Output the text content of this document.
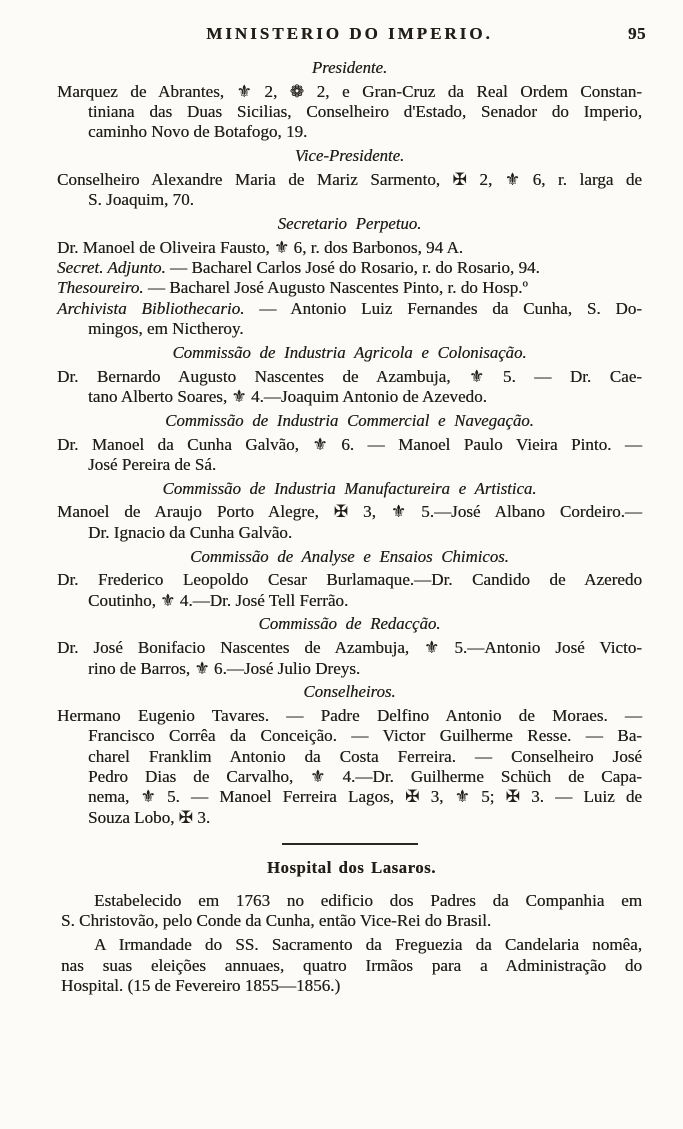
MINISTERIO DO IMPERIO.	95
Presidente.
Marquez de Abrantes, ⚜ 2, ❁ 2, e Gran-Cruz da Real Ordem Constan-
tiniana das Duas Sicilias, Conselheiro d'Estado, Senador do Imperio,
caminho Novo de Botafogo, 19.
Vice-Presidente.
Conselheiro Alexandre Maria de Mariz Sarmento, ✠ 2, ⚜ 6, r. larga de
S. Joaquim, 70.
Secretario Perpetuo.
Dr. Manoel de Oliveira Fausto, ⚜ 6, r. dos Barbonos, 94 A.
Secret. Adjunto. — Bacharel Carlos José do Rosario, r. do Rosario, 94.
Thesoureiro. — Bacharel José Augusto Nascentes Pinto, r. do Hosp.º
Archivista Bibliothecario. — Antonio Luiz Fernandes da Cunha, S. Do-
mingos, em Nictheroy.
Commissão de Industria Agricola e Colonisação.
Dr. Bernardo Augusto Nascentes de Azambuja, ⚜ 5. — Dr. Cae-
tano Alberto Soares, ⚜ 4.—Joaquim Antonio de Azevedo.
Commissão de Industria Commercial e Navegação.
Dr. Manoel da Cunha Galvão, ⚜ 6. — Manoel Paulo Vieira Pinto. —
José Pereira de Sá.
Commissão de Industria Manufactureira e Artistica.
Manoel de Araujo Porto Alegre, ✠ 3, ⚜ 5.—José Albano Cordeiro.—
Dr. Ignacio da Cunha Galvão.
Commissão de Analyse e Ensaios Chimicos.
Dr. Frederico Leopoldo Cesar Burlamaque.—Dr. Candido de Azeredo
Coutinho, ⚜ 4.—Dr. José Tell Ferrão.
Commissão de Redacção.
Dr. José Bonifacio Nascentes de Azambuja, ⚜ 5.—Antonio José Victo-
rino de Barros, ⚜ 6.—José Julio Dreys.
Conselheiros.
Hermano Eugenio Tavares. — Padre Delfino Antonio de Moraes. —
Francisco Corrêa da Conceição. — Victor Guilherme Resse. — Ba-
charel Franklim Antonio da Costa Ferreira. — Conselheiro José
Pedro Dias de Carvalho, ⚜ 4.—Dr. Guilherme Schüch de Capa-
nema, ⚜ 5. — Manoel Ferreira Lagos, ✠ 3, ⚜ 5; ✠ 3. — Luiz de
Souza Lobo, ✠ 3.
Hospital dos Lasaros.
Estabelecido em 1763 no edificio dos Padres da Companhia em
S. Christovão, pelo Conde da Cunha, então Vice-Rei do Brasil.
A Irmandade do SS. Sacramento da Freguezia da Candelaria nomêa,
nas suas eleições annuaes, quatro Irmãos para a Administração do
Hospital. (15 de Fevereiro 1855—1856.)
